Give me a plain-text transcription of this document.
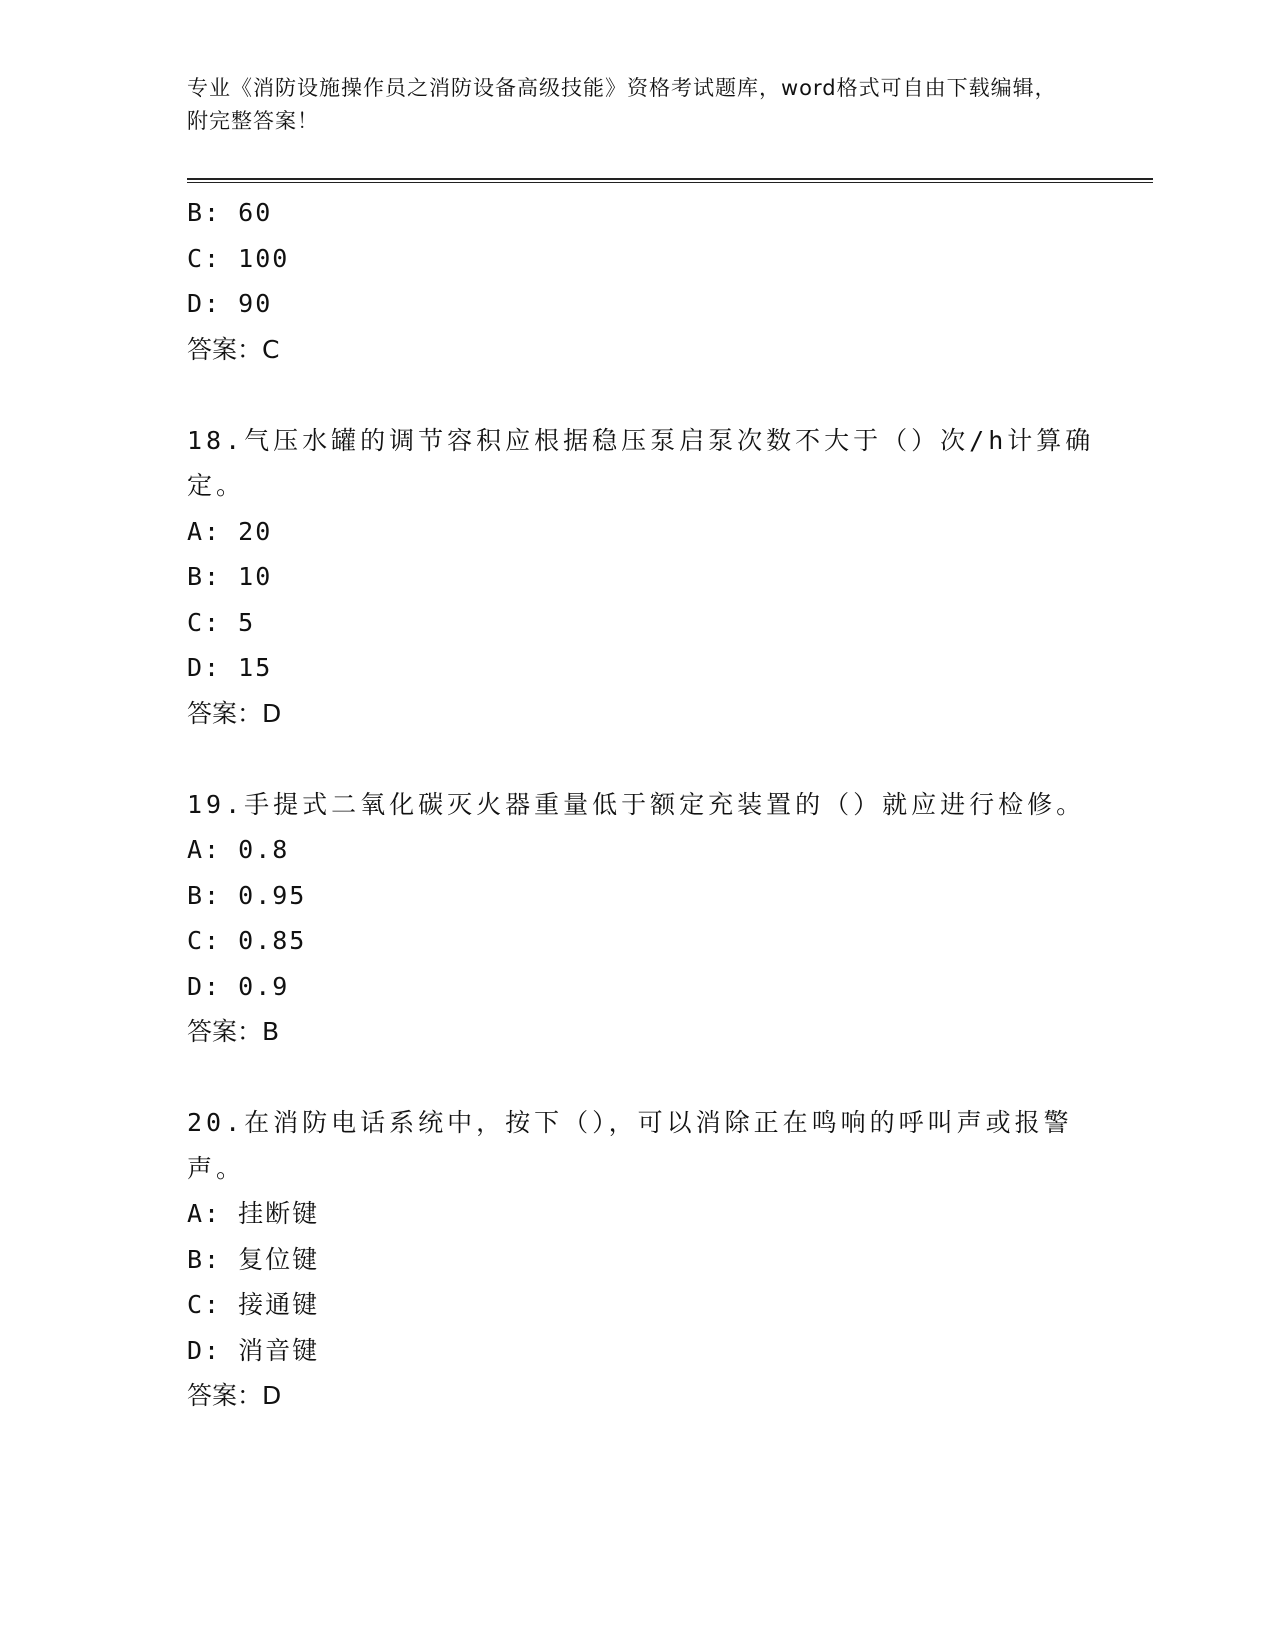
专业《消防设施操作员之消防设备高级技能》资格考试题库，word格式可自由下载编辑，附完整答案！
B: 60
C: 100
D: 90
答案：C
18.气压水罐的调节容积应根据稳压泵启泵次数不大于（）次/h计算确定。
A: 20
B: 10
C: 5
D: 15
答案：D
19.手提式二氧化碳灭火器重量低于额定充装置的（）就应进行检修。
A: 0.8
B: 0.95
C: 0.85
D: 0.9
答案：B
20.在消防电话系统中，按下（），可以消除正在鸣响的呼叫声或报警声。
A: 挂断键
B: 复位键
C: 接通键
D: 消音键
答案：D
